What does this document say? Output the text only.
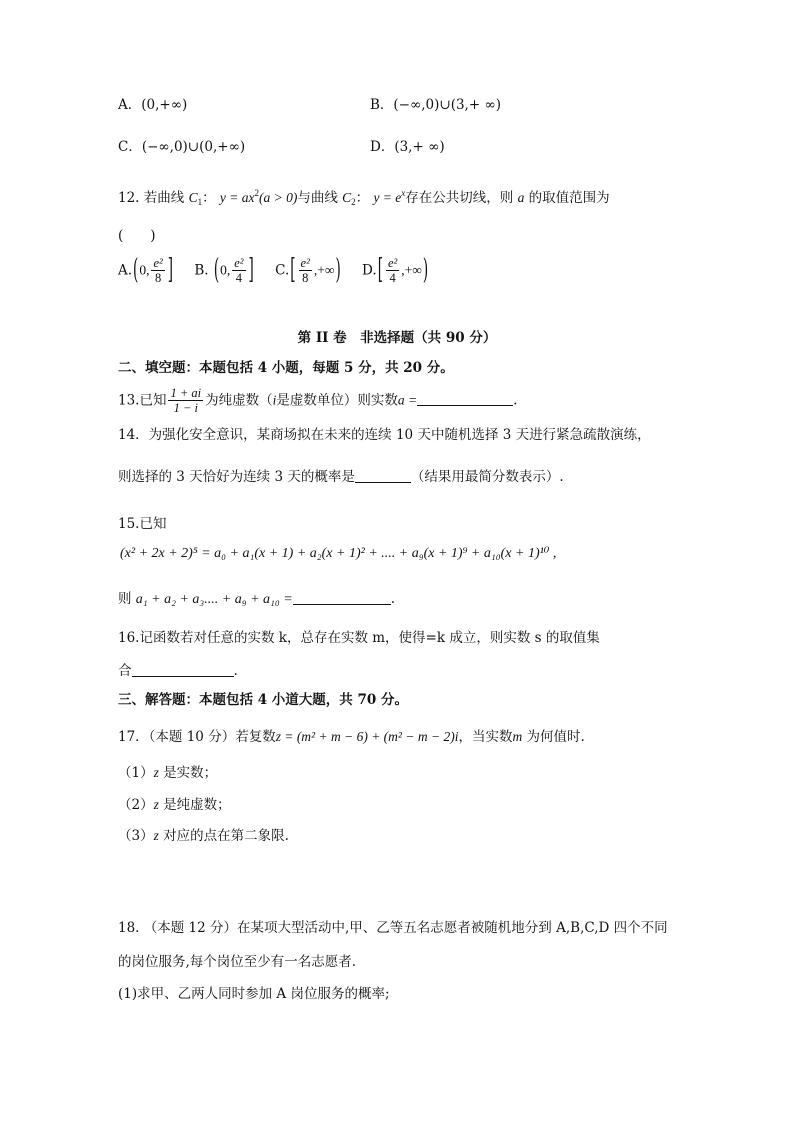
A．(0,+∞)	B．(−∞,0)∪(3,+ ∞)
C．(−∞,0)∪(0,+∞)	D．(3,+ ∞)
12. 若曲线 $C_1$： $y = ax^2(a > 0)$与曲线 $C_2$： $y = e^x$存在公共切线，则 a 的取值范围为
(　　)
A.(0, $\frac{\text{e²}}{8}$ ] B. (0, $\frac{\text{e²}}{4}$ ] $C.[ \frac{\text{e²}}{8}$ ,+∞) $D.[ \frac{\text{e²}}{4}$ ,+∞)
第 II 卷　非选择题（共 90 分）
二、填空题：本题包括 4 小题，每题 5 分，共 20 分。
13.已知 $\frac{1 + ai}{1 - i}$ 为纯虚数（i是虚数单位）则实数a =	.
14．为强化安全意识，某商场拟在未来的连续 10 天中随机选择 3 天进行紧急疏散演练，
则选择的 3 天恰好为连续 3 天的概率是	（结果用最简分数表示）.
15.已知
(x² + 2x + 2)⁵ = a₀ + a₁(x + 1) + a₂(x + 1)² + .... + a₉(x + 1)⁹ + a₁₀(x + 1)¹⁰ ,
则 a₁ + a₂ + a₃.... + a₉ + a₁₀ =	.
16.记函数若对任意的实数 k，总存在实数 m，使得=k 成立，则实数 s 的取值集
合	.
三、解答题：本题包括 4 小道大题，共 70 分。
17．（本题 10 分）若复数z = (m² + m − 6) + (m² − m − 2)i，当实数m 为何值时.
（1）z 是实数；
（2）z 是纯虚数；
（3）z 对应的点在第二象限.
18. （本题 12 分）在某项大型活动中,甲、乙等五名志愿者被随机地分到 A,B,C,D 四个不同
的岗位服务,每个岗位至少有一名志愿者.
(1)求甲、乙两人同时参加 A 岗位服务的概率;
